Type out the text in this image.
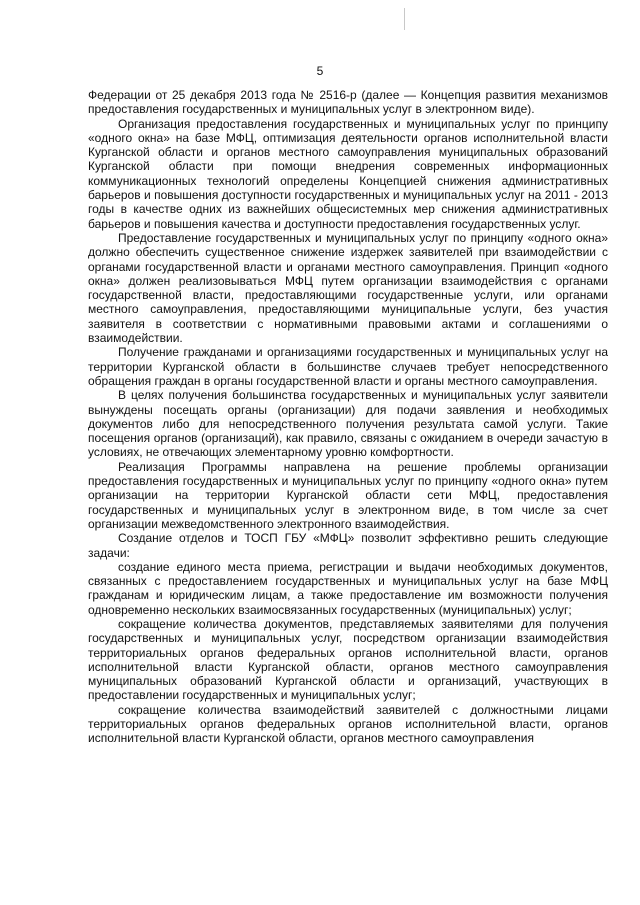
5

Федерации от 25 декабря 2013 года № 2516-р (далее — Концепция развития механизмов предоставления государственных и муниципальных услуг в электронном виде).

Организация предоставления государственных и муниципальных услуг по принципу «одного окна» на базе МФЦ, оптимизация деятельности органов исполнительной власти Курганской области и органов местного самоуправления муниципальных образований Курганской области при помощи внедрения современных информационных коммуникационных технологий определены Концепцией снижения административных барьеров и повышения доступности государственных и муниципальных услуг на 2011 - 2013 годы в качестве одних из важнейших общесистемных мер снижения административных барьеров и повышения качества и доступности предоставления государственных услуг.

Предоставление государственных и муниципальных услуг по принципу «одного окна» должно обеспечить существенное снижение издержек заявителей при взаимодействии с органами государственной власти и органами местного самоуправления. Принцип «одного окна» должен реализовываться МФЦ путем организации взаимодействия с органами государственной власти, предоставляющими государственные услуги, или органами местного самоуправления, предоставляющими муниципальные услуги, без участия заявителя в соответствии с нормативными правовыми актами и соглашениями о взаимодействии.

Получение гражданами и организациями государственных и муниципальных услуг на территории Курганской области в большинстве случаев требует непосредственного обращения граждан в органы государственной власти и органы местного самоуправления.

В целях получения большинства государственных и муниципальных услуг заявители вынуждены посещать органы (организации) для подачи заявления и необходимых документов либо для непосредственного получения результата самой услуги. Такие посещения органов (организаций), как правило, связаны с ожиданием в очереди зачастую в условиях, не отвечающих элементарному уровню комфортности.

Реализация Программы направлена на решение проблемы организации предоставления государственных и муниципальных услуг по принципу «одного окна» путем организации на территории Курганской области сети МФЦ, предоставления государственных и муниципальных услуг в электронном виде, в том числе за счет организации межведомственного электронного взаимодействия.

Создание отделов и ТОСП ГБУ «МФЦ» позволит эффективно решить следующие задачи:

создание единого места приема, регистрации и выдачи необходимых документов, связанных с предоставлением государственных и муниципальных услуг на базе МФЦ гражданам и юридическим лицам, а также предоставление им возможности получения одновременно нескольких взаимосвязанных государственных (муниципальных) услуг;

сокращение количества документов, представляемых заявителями для получения государственных и муниципальных услуг, посредством организации взаимодействия территориальных органов федеральных органов исполнительной власти, органов исполнительной власти Курганской области, органов местного самоуправления муниципальных образований Курганской области и организаций, участвующих в предоставлении государственных и муниципальных услуг;

сокращение количества взаимодействий заявителей с должностными лицами территориальных органов федеральных органов исполнительной власти, органов исполнительной власти Курганской области, органов местного самоуправления
